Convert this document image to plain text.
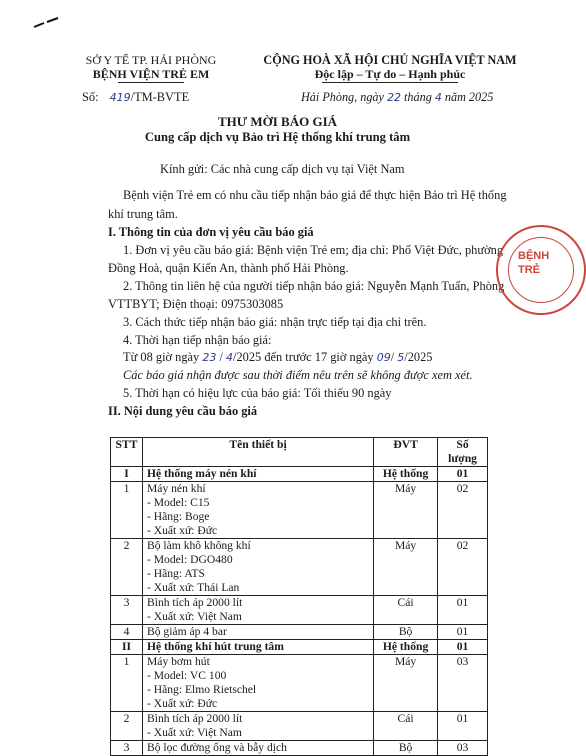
SỞ Y TẾ TP. HẢI PHÒNG
BỆNH VIỆN TRẺ EM
CỘNG HOÀ XÃ HỘI CHỦ NGHĨA VIỆT NAM
Độc lập – Tự do – Hạnh phúc
Số: 419/TM-BVTE	Hải Phòng, ngày 22 tháng 4 năm 2025
THƯ MỜI BÁO GIÁ
Cung cấp dịch vụ Bảo trì Hệ thống khí trung tâm
Kính gửi: Các nhà cung cấp dịch vụ tại Việt Nam

Bệnh viện Trẻ em có nhu cầu tiếp nhận báo giá để thực hiện Bảo trì Hệ thống

khí trung tâm.

I. Thông tin của đơn vị yêu cầu báo giá

1. Đơn vị yêu cầu báo giá: Bệnh viện Trẻ em; địa chỉ: Phố Việt Đức, phường

Đồng Hoà, quận Kiến An, thành phố Hải Phòng.

2. Thông tin liên hệ của người tiếp nhận báo giá: Nguyễn Mạnh Tuấn, Phòng

VTTBYT; Điện thoại: 0975303085

3. Cách thức tiếp nhận báo giá: nhận trực tiếp tại địa chỉ trên.

4. Thời hạn tiếp nhận báo giá:

Từ 08 giờ ngày 23 / 4/2025 đến trước 17 giờ ngày 09/ 5/2025

Các báo giá nhận được sau thời điểm nêu trên sẽ không được xem xét.

5. Thời hạn có hiệu lực của báo giá: Tối thiểu 90 ngày

II. Nội dung yêu cầu báo giá

BỆNH
TRẺ
STT	Tên thiết bị	ĐVT	Số lượng
I	Hệ thống máy nén khí	Hệ thống	01
1	Máy nén khí
- Model: C15
- Hãng: Boge
- Xuất xứ: Đức	Máy	02
2	Bộ làm khô không khí
- Model: DGO480
- Hãng: ATS
- Xuất xứ: Thái Lan	Máy	02
3	Bình tích áp 2000 lít
- Xuất xứ: Việt Nam	Cái	01
4	Bộ giảm áp 4 bar	Bộ	01
II	Hệ thống khí hút trung tâm	Hệ thống	01
1	Máy bơm hút
- Model: VC 100
- Hãng: Elmo Rietschel
- Xuất xứ: Đức	Máy	03
2	Bình tích áp 2000 lít
- Xuất xứ: Việt Nam	Cái	01
3	Bộ lọc đường ống và bẫy dịch	Bộ	03
